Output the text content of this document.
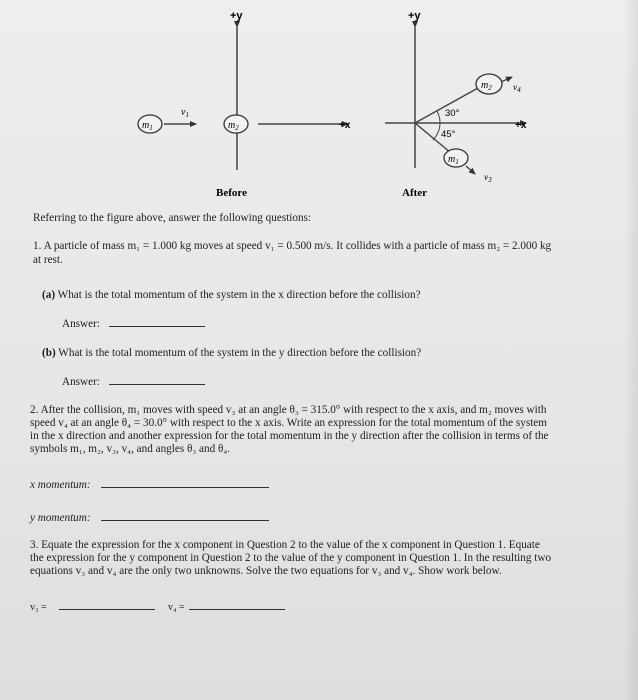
+y
+x
$v_1$
$m_1$	$m_2$
Before
+y
+x
30°
45°
$m_2$
$m_1$
$v_4$
$v_3$
After
Referring to the figure above, answer the following questions:
1. A particle of mass m₁ = 1.000 kg moves at speed v₁ = 0.500 m/s. It collides with a particle of mass m₂ = 2.000 kg
at rest.
(a) What is the total momentum of the system in the x direction before the collision?
Answer:
(b) What is the total momentum of the system in the y direction before the collision?
Answer:
2. After the collision, m₁ moves with speed v₃ at an angle θ₃ = 315.0° with respect to the x axis, and m₂ moves with
speed v₄ at an angle θ₄ = 30.0° with respect to the x axis. Write an expression for the total momentum of the system
in the x direction and another expression for the total momentum in the y direction after the collision in terms of the
symbols m₁, m₂, v₃, v₄, and angles θ₃ and θ₄.
x momentum:
y momentum:
3. Equate the expression for the x component in Question 2 to the value of the x component in Question 1. Equate
the expression for the y component in Question 2 to the value of the y component in Question 1. In the resulting two
equations v₃ and v₄ are the only two unknowns. Solve the two equations for v₃ and v₄. Show work below.
v₃ =	v₄ =
